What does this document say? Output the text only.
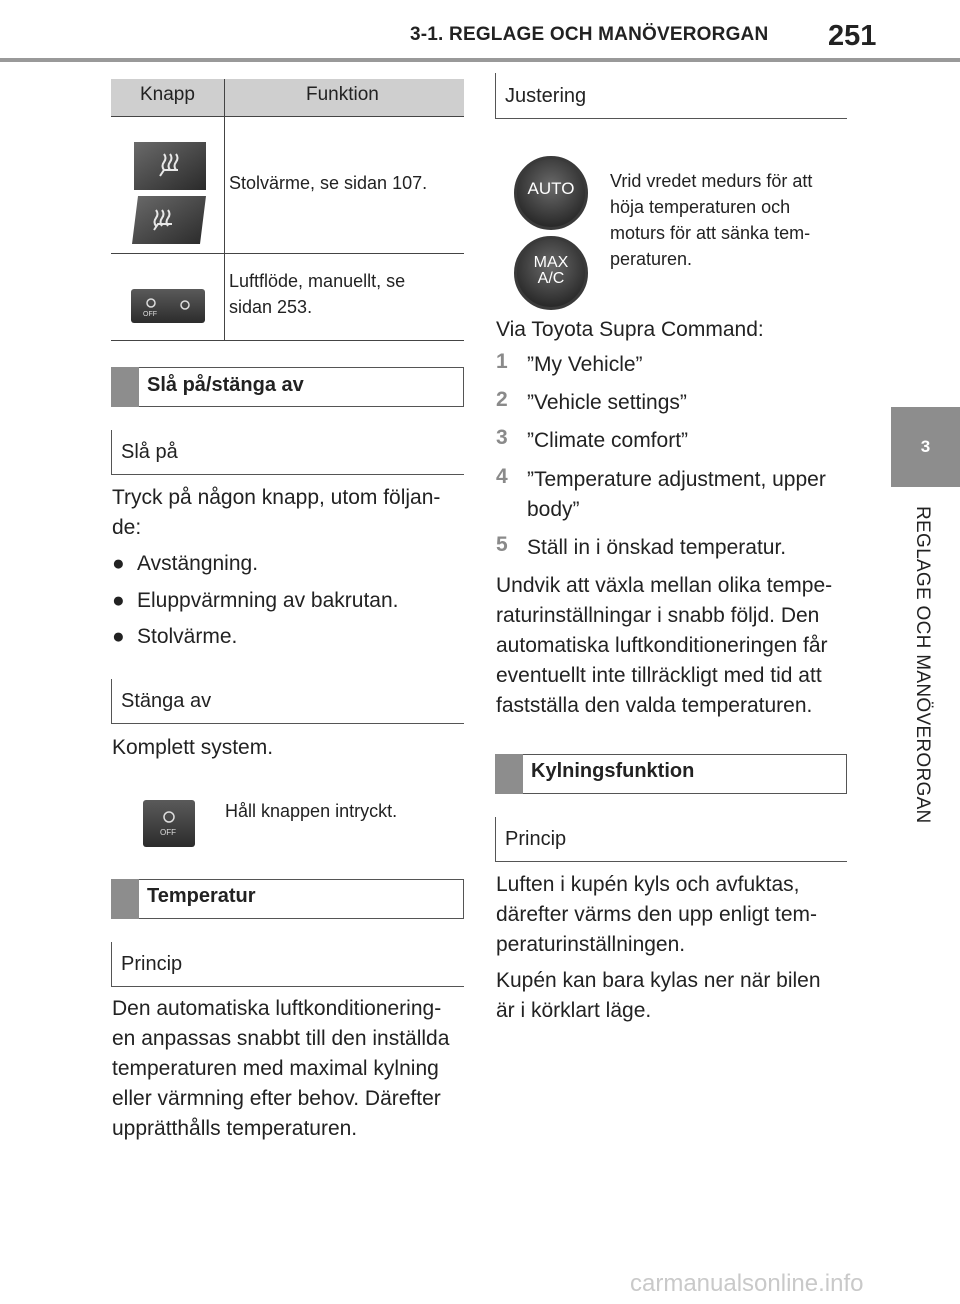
3-1. REGLAGE OCH MANÖVERORGAN 251
3
REGLAGE OCH MANÖVERORGAN
Knapp	Funktion
Stolvärme, se sidan 107.
OFF
Luftflöde, manuellt, se sidan 253.
Slå på/stänga av
Slå på
Tryck på någon knapp, utom följan-de:
● Avstängning.
● Eluppvärmning av bakrutan.
● Stolvärme.
Stänga av
Komplett system.
OFF
Håll knappen intryckt.
Temperatur
Princip
Den automatiska luftkonditionering-en anpassas snabbt till den inställda temperaturen med maximal kylning eller värmning efter behov. Därefter upprätthålls temperaturen.
Justering
AUTO
MAX
A/C
Vrid vredet medurs för att höja temperaturen och moturs för att sänka tem-peraturen.
Via Toyota Supra Command:
1 ”My Vehicle”
2 ”Vehicle settings”
3 ”Climate comfort”
4 ”Temperature adjustment, upper body”
5 Ställ in i önskad temperatur.
Undvik att växla mellan olika tempe-raturinställningar i snabb följd. Den automatiska luftkonditioneringen får eventuellt inte tillräckligt med tid att fastställa den valda temperaturen.
Kylningsfunktion
Princip
Luften i kupén kyls och avfuktas, därefter värms den upp enligt tem-peraturinställningen.
Kupén kan bara kylas ner när bilen är i körklart läge.
carmanualsonline.info
